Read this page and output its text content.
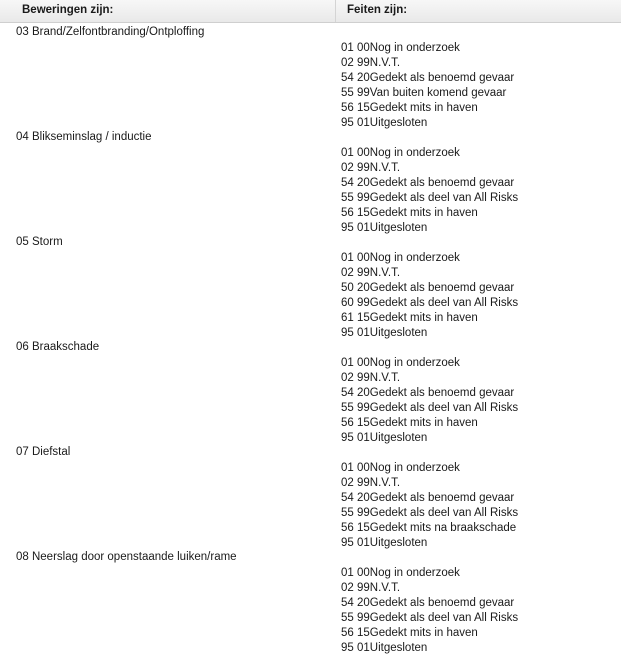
Beweringen zijn:	Feiten zijn:
03 Brand/Zelfontbranding/Ontploffing
01 00Nog in onderzoek
02 99N.V.T.
54 20Gedekt als benoemd gevaar
55 99Van buiten komend gevaar
56 15Gedekt mits in haven
95 01Uitgesloten
04 Blikseminslag / inductie
01 00Nog in onderzoek
02 99N.V.T.
54 20Gedekt als benoemd gevaar
55 99Gedekt als deel van All Risks
56 15Gedekt mits in haven
95 01Uitgesloten
05 Storm
01 00Nog in onderzoek
02 99N.V.T.
50 20Gedekt als benoemd gevaar
60 99Gedekt als deel van All Risks
61 15Gedekt mits in haven
95 01Uitgesloten
06 Braakschade
01 00Nog in onderzoek
02 99N.V.T.
54 20Gedekt als benoemd gevaar
55 99Gedekt als deel van All Risks
56 15Gedekt mits in haven
95 01Uitgesloten
07 Diefstal
01 00Nog in onderzoek
02 99N.V.T.
54 20Gedekt als benoemd gevaar
55 99Gedekt als deel van All Risks
56 15Gedekt mits na braakschade
95 01Uitgesloten
08 Neerslag door openstaande luiken/rame
01 00Nog in onderzoek
02 99N.V.T.
54 20Gedekt als benoemd gevaar
55 99Gedekt als deel van All Risks
56 15Gedekt mits in haven
95 01Uitgesloten
